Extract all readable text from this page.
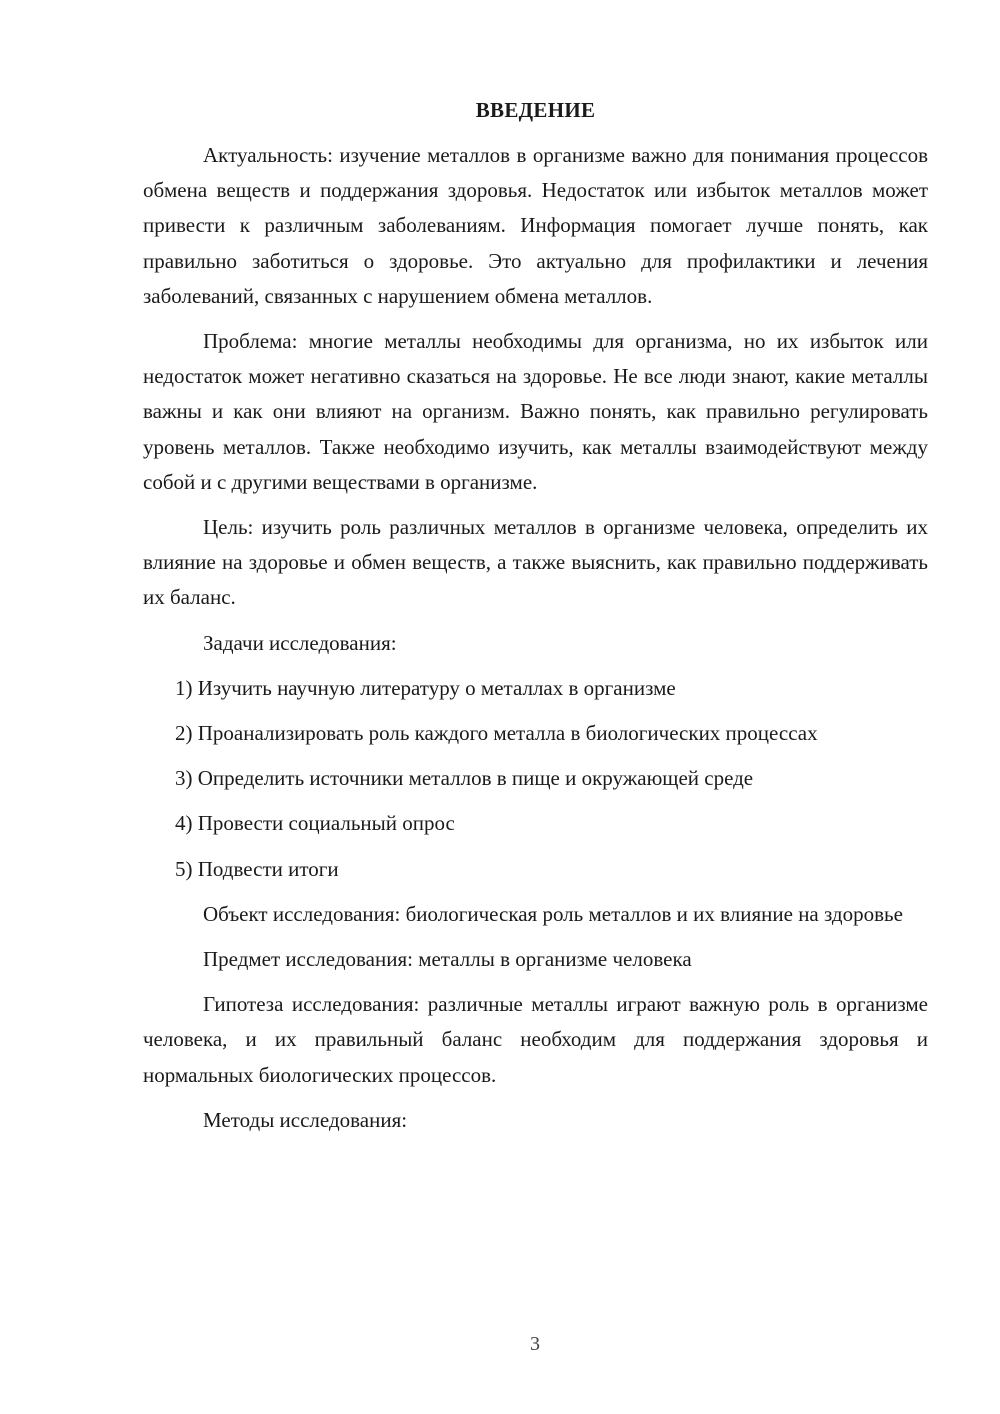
ВВЕДЕНИЕ

Актуальность: изучение металлов в организме важно для понимания процессов обмена веществ и поддержания здоровья. Недостаток или избыток металлов может привести к различным заболеваниям. Информация помогает лучше понять, как правильно заботиться о здоровье. Это актуально для профилактики и лечения заболеваний, связанных с нарушением обмена металлов.

Проблема: многие металлы необходимы для организма, но их избыток или недостаток может негативно сказаться на здоровье. Не все люди знают, какие металлы важны и как они влияют на организм. Важно понять, как правильно регулировать уровень металлов. Также необходимо изучить, как металлы взаимодействуют между собой и с другими веществами в организме.

Цель: изучить роль различных металлов в организме человека, определить их влияние на здоровье и обмен веществ, а также выяснить, как правильно поддерживать их баланс.

Задачи исследования:

1) Изучить научную литературу о металлах в организме

2) Проанализировать роль каждого металла в биологических процессах

3) Определить источники металлов в пище и окружающей среде

4) Провести социальный опрос

5) Подвести итоги

Объект исследования: биологическая роль металлов и их влияние на здоровье

Предмет исследования: металлы в организме человека

Гипотеза исследования: различные металлы играют важную роль в организме человека, и их правильный баланс необходим для поддержания здоровья и нормальных биологических процессов.

Методы исследования:

3
